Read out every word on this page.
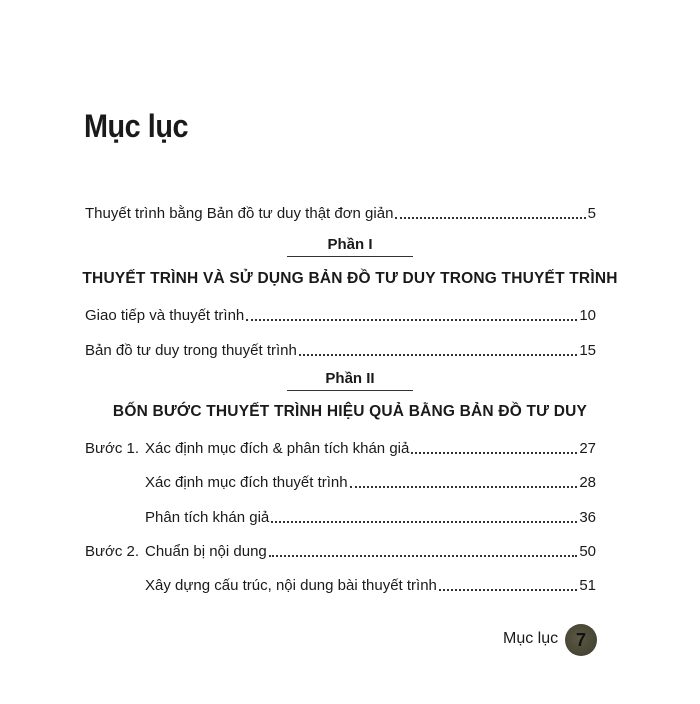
Mục lục
Thuyết trình bằng Bản đồ tư duy thật đơn giản	5
Phần I
THUYẾT TRÌNH VÀ SỬ DỤNG BẢN ĐỒ TƯ DUY TRONG THUYẾT TRÌNH
Giao tiếp và thuyết trình	10
Bản đồ tư duy trong thuyết trình	15
Phần II
BỐN BƯỚC THUYẾT TRÌNH HIỆU QUẢ BẰNG BẢN ĐỒ TƯ DUY
Bước 1. Xác định mục đích & phân tích khán giả	27
Xác định mục đích thuyết trình	28
Phân tích khán giả	36
Bước 2. Chuẩn bị nội dung	50
Xây dựng cấu trúc, nội dung bài thuyết trình	51
Mục lục 7
